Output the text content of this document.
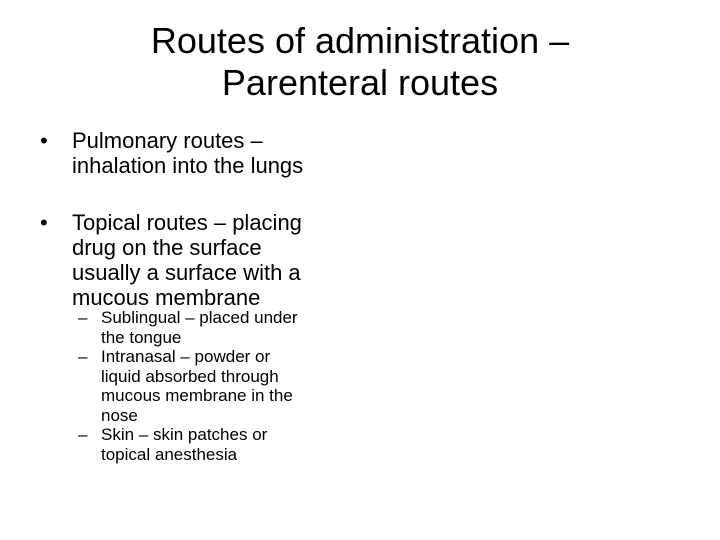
Routes of administration –
Parenteral routes
• Pulmonary routes –
inhalation into the lungs
• Topical routes – placing
drug on the surface
usually a surface with a
mucous membrane
– Sublingual – placed under
the tongue
– Intranasal – powder or
liquid absorbed through
mucous membrane in the
nose
– Skin – skin patches or
topical anesthesia
